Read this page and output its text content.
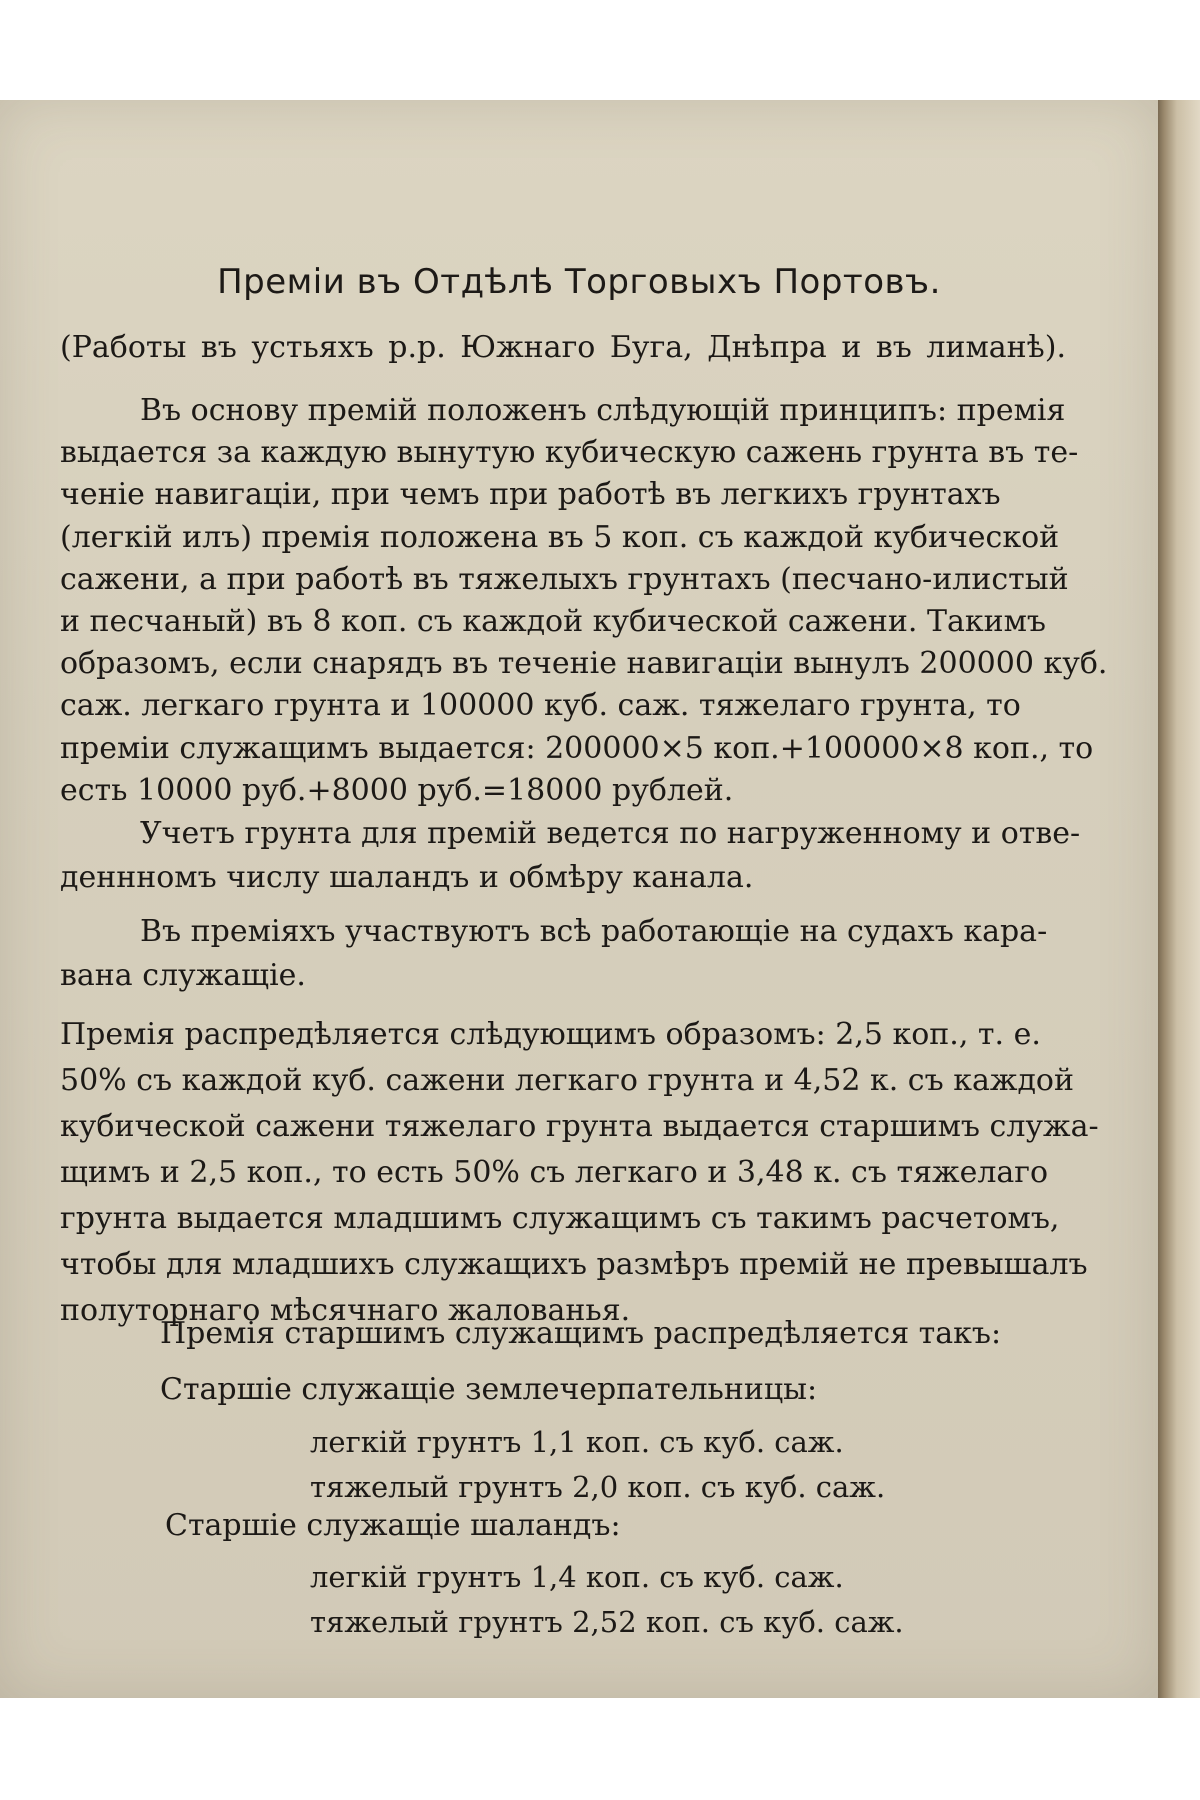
Преміи въ Отдѣлѣ Торговыхъ Портовъ.

(Работы въ устьяхъ р.р. Южнаго Буга, Днѣпра и въ лиманѣ).

Въ основу премій положенъ слѣдующій принципъ: премія

выдается за каждую вынутую кубическую сажень грунта въ те-

ченіе навигаціи, при чемъ при работѣ въ легкихъ грунтахъ

(легкій илъ) премія положена въ 5 коп. съ каждой кубической

сажени, а при работѣ въ тяжелыхъ грунтахъ (песчано-илистый

и песчаный) въ 8 коп. съ каждой кубической сажени. Такимъ

образомъ, если снарядъ въ теченіе навигаціи вынулъ 200000 куб.

саж. легкаго грунта и 100000 куб. саж. тяжелаго грунта, то

преміи служащимъ выдается: 200000×5 коп.+100000×8 коп., то

есть 10000 руб.+8000 руб.=18000 рублей.

Учетъ грунта для премій ведется по нагруженному и отве-

деннномъ числу шаландъ и обмѣру канала.

Въ преміяхъ участвуютъ всѣ работающіе на судахъ кара-

вана служащіе.

Премія распредѣляется слѣдующимъ образомъ: 2,5 коп., т. е.

50% съ каждой куб. сажени легкаго грунта и 4,52 к. съ каждой

кубической сажени тяжелаго грунта выдается старшимъ служа-

щимъ и 2,5 коп., то есть 50% съ легкаго и 3,48 к. съ тяжелаго

грунта выдается младшимъ служащимъ съ такимъ расчетомъ,

чтобы для младшихъ служащихъ размѣръ премій не превышалъ

полуторнаго мѣсячнаго жалованья.

Премія старшимъ служащимъ распредѣляется такъ:

Старшіе служащіе землечерпательницы:

легкій грунтъ 1,1 коп. съ куб. саж.
тяжелый грунтъ 2,0 коп. съ куб. саж.

Старшіе служащіе шаландъ:

легкій грунтъ 1,4 коп. съ куб. саж.
тяжелый грунтъ 2,52 коп. съ куб. саж.
